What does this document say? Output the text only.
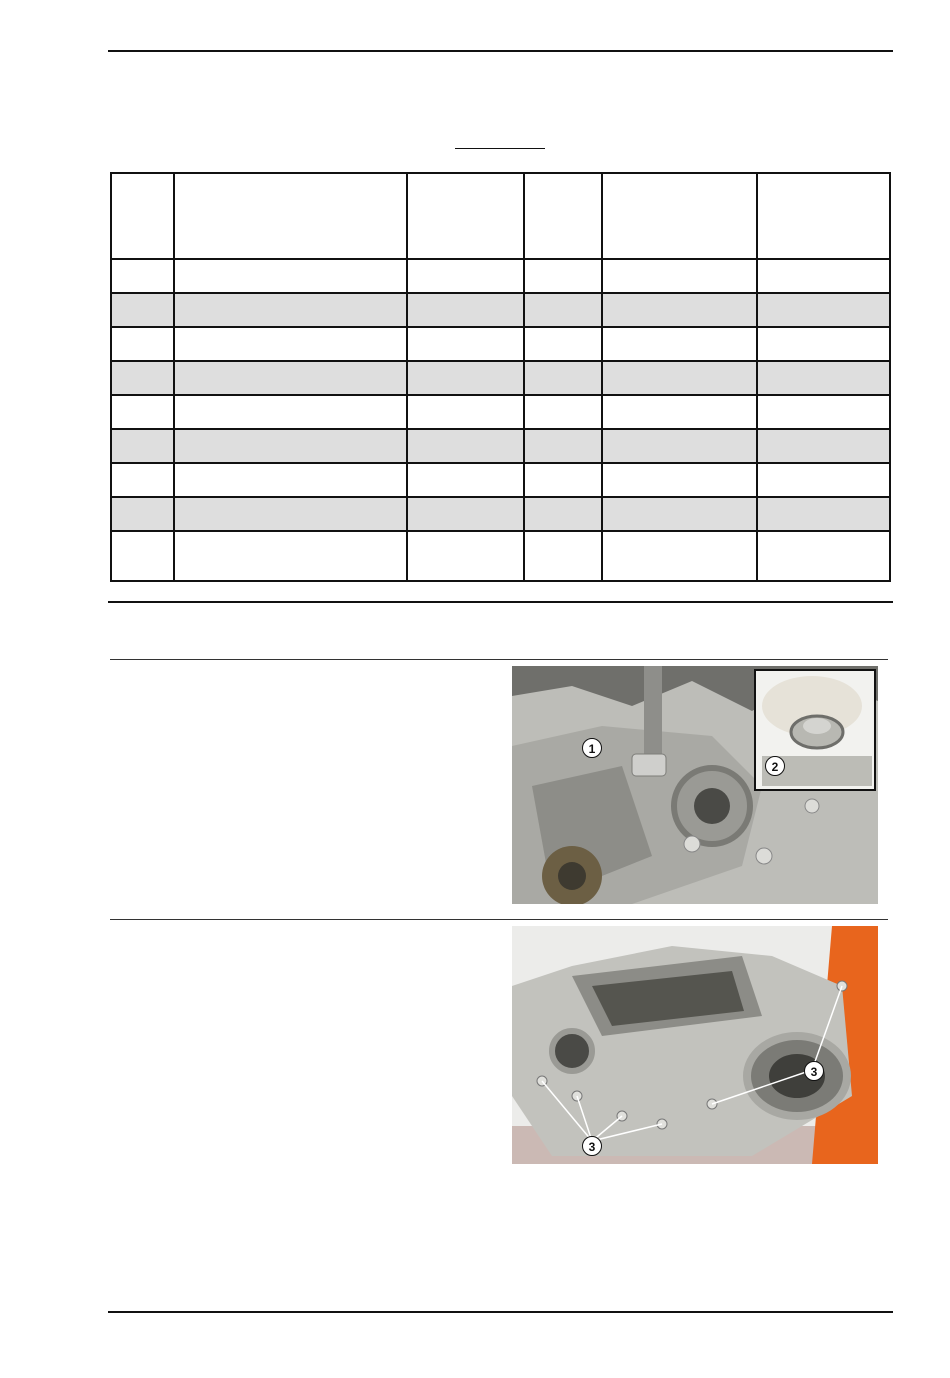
1
2
3
3
